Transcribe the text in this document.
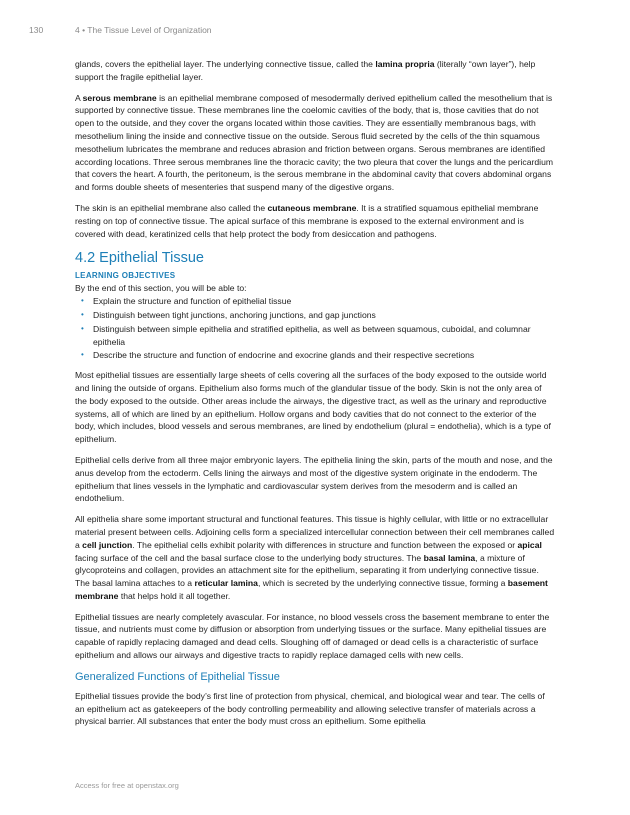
130	4 • The Tissue Level of Organization

glands, covers the epithelial layer. The underlying connective tissue, called the lamina propria (literally “own layer”), help support the fragile epithelial layer.

A serous membrane is an epithelial membrane composed of mesodermally derived epithelium called the mesothelium that is supported by connective tissue. These membranes line the coelomic cavities of the body, that is, those cavities that do not open to the outside, and they cover the organs located within those cavities. They are essentially membranous bags, with mesothelium lining the inside and connective tissue on the outside. Serous fluid secreted by the cells of the thin squamous mesothelium lubricates the membrane and reduces abrasion and friction between organs. Serous membranes are identified according locations. Three serous membranes line the thoracic cavity; the two pleura that cover the lungs and the pericardium that covers the heart. A fourth, the peritoneum, is the serous membrane in the abdominal cavity that covers abdominal organs and forms double sheets of mesenteries that suspend many of the digestive organs.

The skin is an epithelial membrane also called the cutaneous membrane. It is a stratified squamous epithelial membrane resting on top of connective tissue. The apical surface of this membrane is exposed to the external environment and is covered with dead, keratinized cells that help protect the body from desiccation and pathogens.

4.2 Epithelial Tissue
LEARNING OBJECTIVES

By the end of this section, you will be able to:

• Explain the structure and function of epithelial tissue
• Distinguish between tight junctions, anchoring junctions, and gap junctions
• Distinguish between simple epithelia and stratified epithelia, as well as between squamous, cuboidal, and columnar epithelia
• Describe the structure and function of endocrine and exocrine glands and their respective secretions

Most epithelial tissues are essentially large sheets of cells covering all the surfaces of the body exposed to the outside world and lining the outside of organs. Epithelium also forms much of the glandular tissue of the body. Skin is not the only area of the body exposed to the outside. Other areas include the airways, the digestive tract, as well as the urinary and reproductive systems, all of which are lined by an epithelium. Hollow organs and body cavities that do not connect to the exterior of the body, which includes, blood vessels and serous membranes, are lined by endothelium (plural = endothelia), which is a type of epithelium.

Epithelial cells derive from all three major embryonic layers. The epithelia lining the skin, parts of the mouth and nose, and the anus develop from the ectoderm. Cells lining the airways and most of the digestive system originate in the endoderm. The epithelium that lines vessels in the lymphatic and cardiovascular system derives from the mesoderm and is called an endothelium.

All epithelia share some important structural and functional features. This tissue is highly cellular, with little or no extracellular material present between cells. Adjoining cells form a specialized intercellular connection between their cell membranes called a cell junction. The epithelial cells exhibit polarity with differences in structure and function between the exposed or apical facing surface of the cell and the basal surface close to the underlying body structures. The basal lamina, a mixture of glycoproteins and collagen, provides an attachment site for the epithelium, separating it from underlying connective tissue. The basal lamina attaches to a reticular lamina, which is secreted by the underlying connective tissue, forming a basement membrane that helps hold it all together.

Epithelial tissues are nearly completely avascular. For instance, no blood vessels cross the basement membrane to enter the tissue, and nutrients must come by diffusion or absorption from underlying tissues or the surface. Many epithelial tissues are capable of rapidly replacing damaged and dead cells. Sloughing off of damaged or dead cells is a characteristic of surface epithelium and allows our airways and digestive tracts to rapidly replace damaged cells with new cells.

Generalized Functions of Epithelial Tissue

Epithelial tissues provide the body’s first line of protection from physical, chemical, and biological wear and tear. The cells of an epithelium act as gatekeepers of the body controlling permeability and allowing selective transfer of materials across a physical barrier. All substances that enter the body must cross an epithelium. Some epithelia

Access for free at openstax.org
